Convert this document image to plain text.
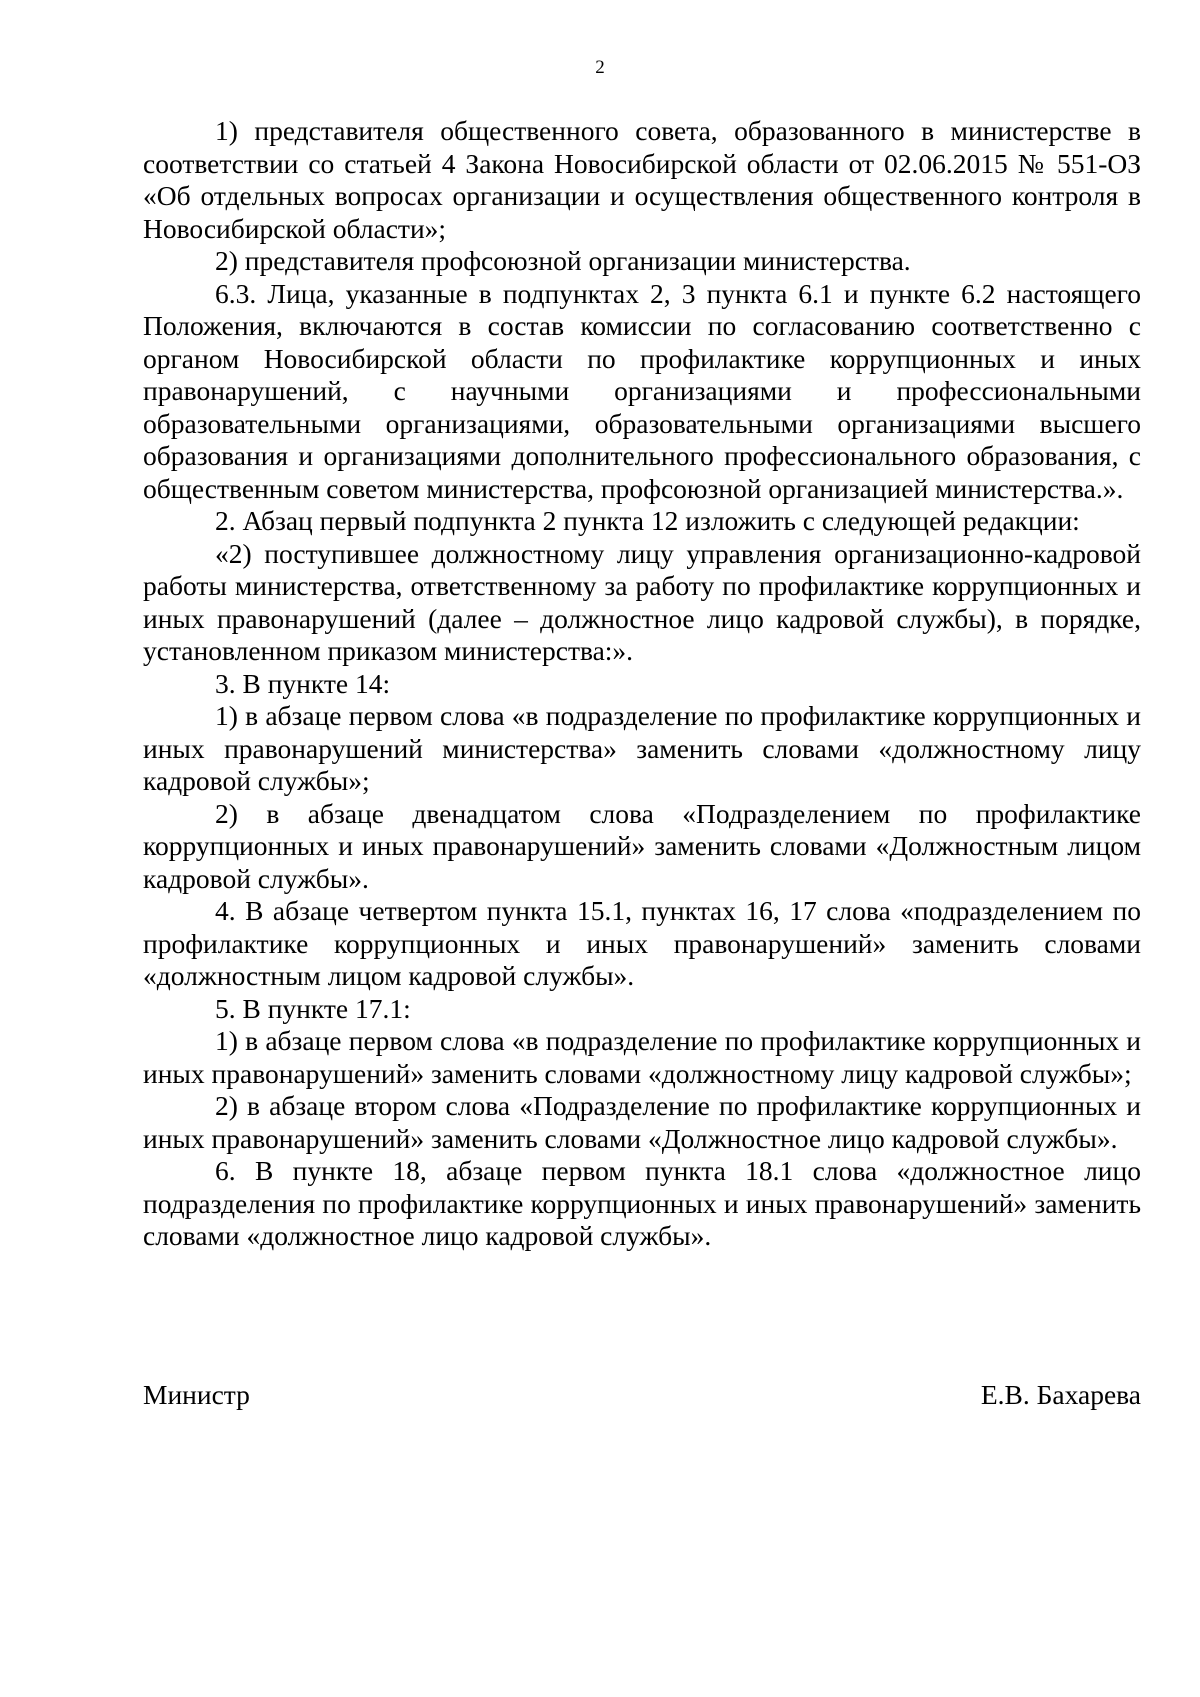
2

1) представителя общественного совета, образованного в министерстве в соответствии со статьей 4 Закона Новосибирской области от 02.06.2015 № 551-ОЗ «Об отдельных вопросах организации и осуществления общественного контроля в Новосибирской области»;

2) представителя профсоюзной организации министерства.

6.3. Лица, указанные в подпунктах 2, 3 пункта 6.1 и пункте 6.2 настоящего Положения, включаются в состав комиссии по согласованию соответственно с органом Новосибирской области по профилактике коррупционных и иных правонарушений, с научными организациями и профессиональными образовательными организациями, образовательными организациями высшего образования и организациями дополнительного профессионального образования, с общественным советом министерства, профсоюзной организацией министерства.».

2. Абзац первый подпункта 2 пункта 12 изложить с следующей редакции:

«2) поступившее должностному лицу управления организационно-кадровой работы министерства, ответственному за работу по профилактике коррупционных и иных правонарушений (далее – должностное лицо кадровой службы), в порядке, установленном приказом министерства:».

3. В пункте 14:

1) в абзаце первом слова «в подразделение по профилактике коррупционных и иных правонарушений министерства» заменить словами «должностному лицу кадровой службы»;

2) в абзаце двенадцатом слова «Подразделением по профилактике коррупционных и иных правонарушений» заменить словами «Должностным лицом кадровой службы».

4. В абзаце четвертом пункта 15.1, пунктах 16, 17 слова «подразделением по профилактике коррупционных и иных правонарушений» заменить словами «должностным лицом кадровой службы».

5. В пункте 17.1:

1) в абзаце первом слова «в подразделение по профилактике коррупционных и иных правонарушений» заменить словами «должностному лицу кадровой службы»;

2) в абзаце втором слова «Подразделение по профилактике коррупционных и иных правонарушений» заменить словами «Должностное лицо кадровой службы».

6. В пункте 18, абзаце первом пункта 18.1 слова «должностное лицо подразделения по профилактике коррупционных и иных правонарушений» заменить словами «должностное лицо кадровой службы».

Министр	Е.В. Бахарева
